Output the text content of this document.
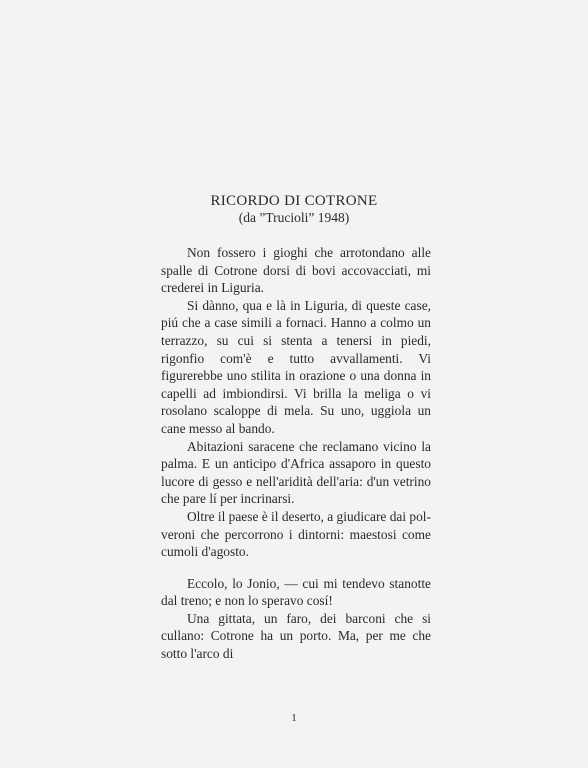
RICORDO DI COTRONE
(da ”Trucioli” 1948)

Non fossero i gioghi che arrotondano alle spalle di Cotrone dorsi di bovi accovacciati, mi crederei in Liguria.

Si dànno, qua e là in Liguria, di queste case, piú che a case simili a fornaci. Hanno a colmo un terrazzo, su cui si stenta a tenersi in piedi, rigonfio com'è e tutto avvallamenti. Vi figurerebbe uno stilita in orazione o una donna in capelli ad imbiondirsi. Vi brilla la meliga o vi rosolano scaloppe di mela. Su uno, uggiola un cane messo al bando.

Abitazioni saracene che reclamano vicino la palma. E un anticipo d'Africa assaporo in questo lucore di gesso e nell'aridità dell'aria: d'un vetrino che pare lí per incrinarsi.

Oltre il paese è il deserto, a giudicare dai polveroni che percorrono i dintorni: maestosi come cumoli d'agosto.

Eccolo, lo Jonio, — cui mi tendevo stanotte dal treno; e non lo speravo cosí!

Una gittata, un faro, dei barconi che si cullano: Cotrone ha un porto. Ma, per me che sotto l'arco di

1
